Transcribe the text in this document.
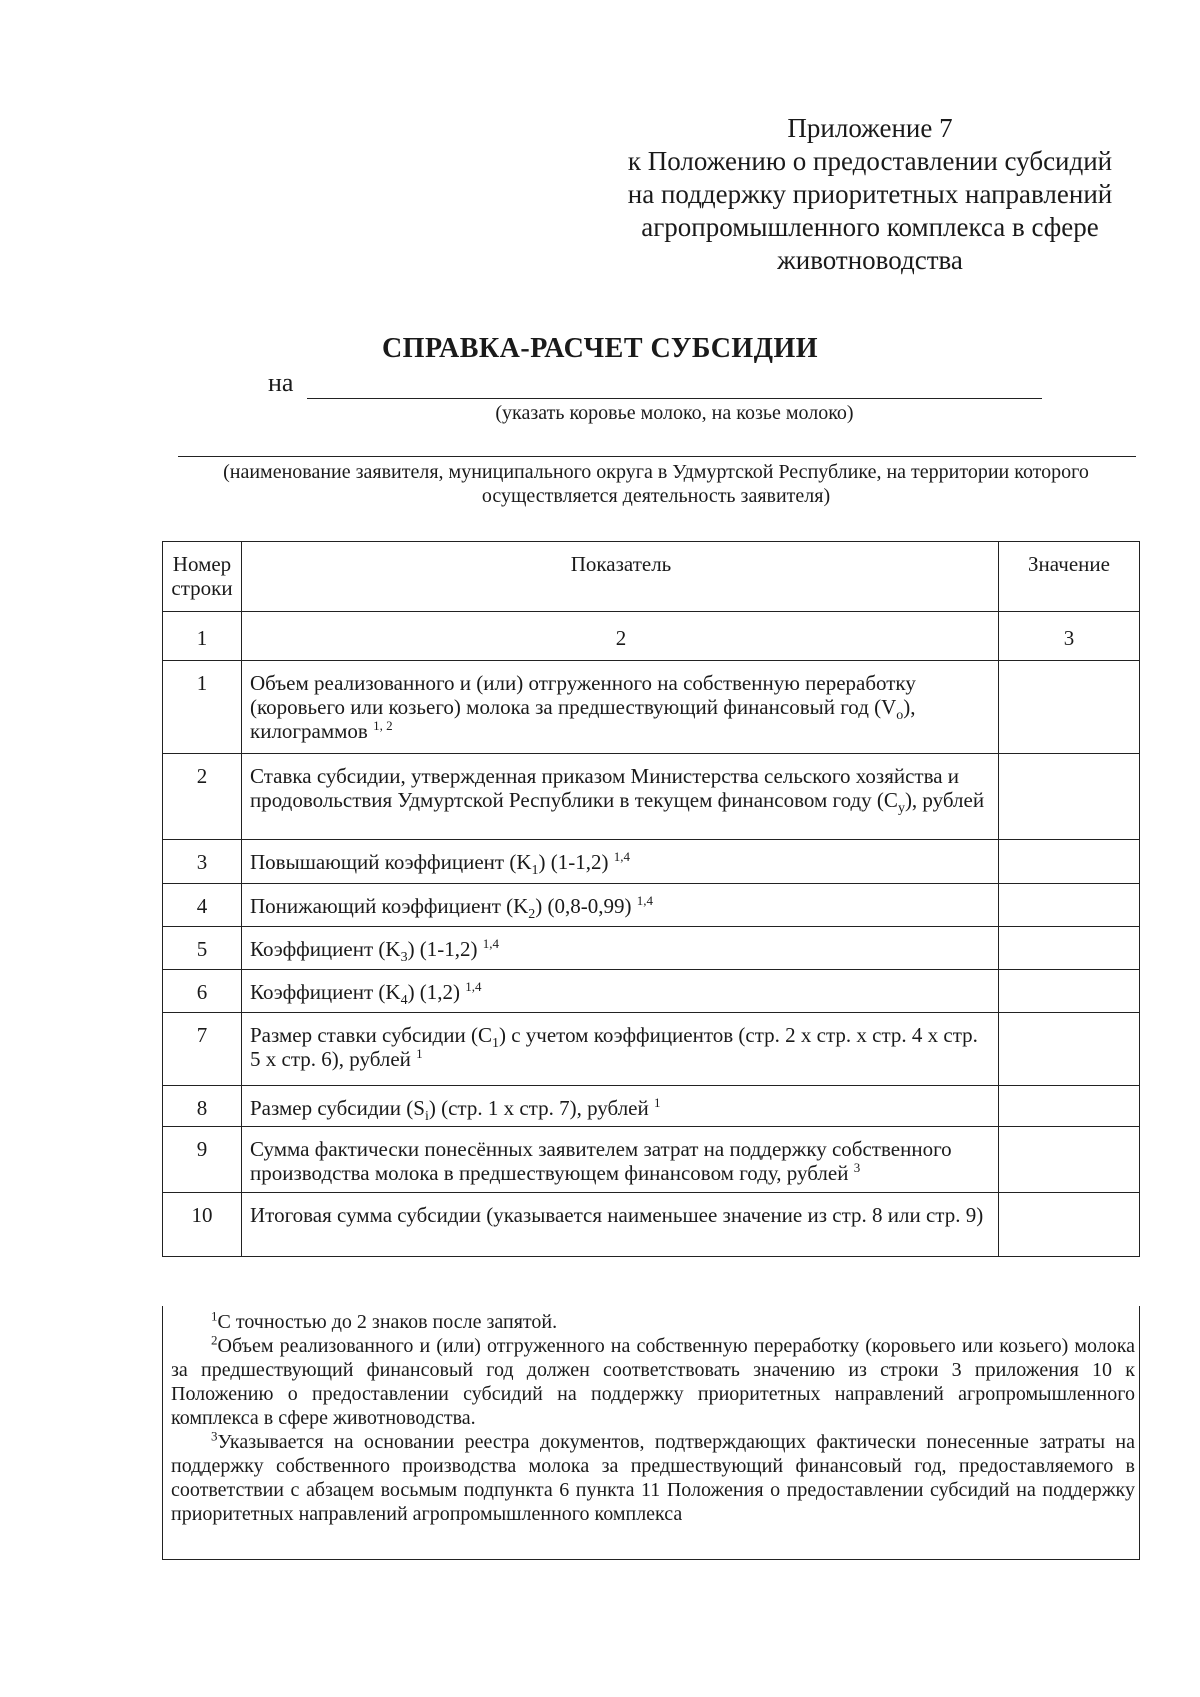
Приложение 7
к Положению о предоставлении субсидий
на поддержку приоритетных направлений
агропромышленного комплекса в сфере
животноводства
СПРАВКА-РАСЧЕТ СУБСИДИИ
на
(указать коровье молоко, на козье молоко)
(наименование заявителя, муниципального округа в Удмуртской Республике, на территории которого осуществляется деятельность заявителя)
Номер строки	Показатель	Значение
1	2	3
1	Объем реализованного и (или) отгруженного на собственную переработку (коровьего или козьего) молока за предшествующий финансовый год $(V_о)$, килограммов $^{1, 2}$	
2	Ставка субсидии, утвержденная приказом Министерства сельского хозяйства и продовольствия Удмуртской Республики в текущем финансовом году $(C_y)$, рублей	
3	Повышающий коэффициент $(K_1)$ (1-1,2) $^{1,4}$	
4	Понижающий коэффициент $(K_2)$ (0,8-0,99) $^{1,4}$	
5	Коэффициент $(K_3)$ (1-1,2) $^{1,4}$	
6	Коэффициент $(K_4)$ (1,2) $^{1,4}$	
7	Размер ставки субсидии $(C_1)$ с учетом коэффициентов (стр. 2 х стр. х стр. 4 х стр. 5 х стр. 6), рублей $^1$	
8	Размер субсидии $(S_i)$ (стр. 1 х стр. 7), рублей $^1$	
9	Сумма фактически понесённых заявителем затрат на поддержку собственного производства молока в предшествующем финансовом году, рублей $^3$	
10	Итоговая сумма субсидии (указывается наименьшее значение из стр. 8 или стр. 9)	

$^1$С точностью до 2 знаков после запятой.

$^2$Объем реализованного и (или) отгруженного на собственную переработку (коровьего или козьего) молока за предшествующий финансовый год должен соответствовать значению из строки 3 приложения 10 к Положению о предоставлении субсидий на поддержку приоритетных направлений агропромышленного комплекса в сфере животноводства.

$^3$Указывается на основании реестра документов, подтверждающих фактически понесенные затраты на поддержку собственного производства молока за предшествующий финансовый год, предоставляемого в соответствии с абзацем восьмым подпункта 6 пункта 11 Положения о предоставлении субсидий на поддержку приоритетных направлений агропромышленного комплекса
